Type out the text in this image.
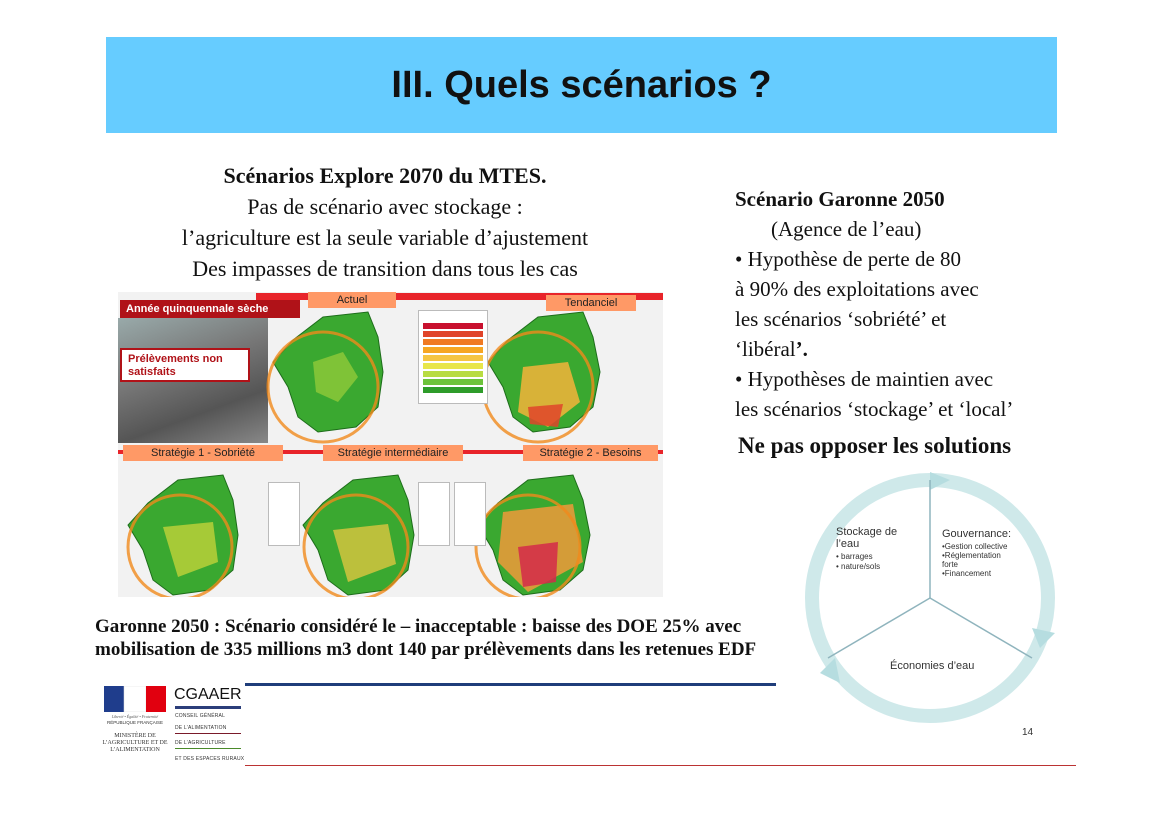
III. Quels scénarios ?
Scénarios Explore 2070 du MTES.
Pas de scénario avec stockage :
l’agriculture est la seule variable d’ajustement
Des impasses de transition dans tous les cas
Année quinquennale sèche
Prélèvements non satisfaits
Actuel	Tendanciel
Stratégie 1 - Sobriété	Stratégie intermédiaire	Stratégie 2 - Besoins
Scénario Garonne 2050
(Agence de l’eau)
• Hypothèse de perte de 80
à 90% des exploitations avec
les scénarios ‘sobriété’ et
‘libéral’.
• Hypothèses de maintien avec
les scénarios ‘stockage’ et ‘local’
Ne pas opposer les solutions
Stockage de l’eau
• barrages
• nature/sols
Gouvernance:
•Gestion collective
•Réglementation forte
•Financement
Économies d’eau
Garonne 2050 : Scénario considéré le – inacceptable : baisse des DOE 25% avec
mobilisation de 335 millions m3 dont 140 par prélèvements dans les retenues EDF
Liberté • Égalité • Fraternité
RÉPUBLIQUE FRANÇAISE
MINISTÈRE DE L’AGRICULTURE ET DE L’ALIMENTATION
CGAAER
CONSEIL GÉNÉRAL
DE L’ALIMENTATION
DE L’AGRICULTURE
ET DES ESPACES RURAUX
14
